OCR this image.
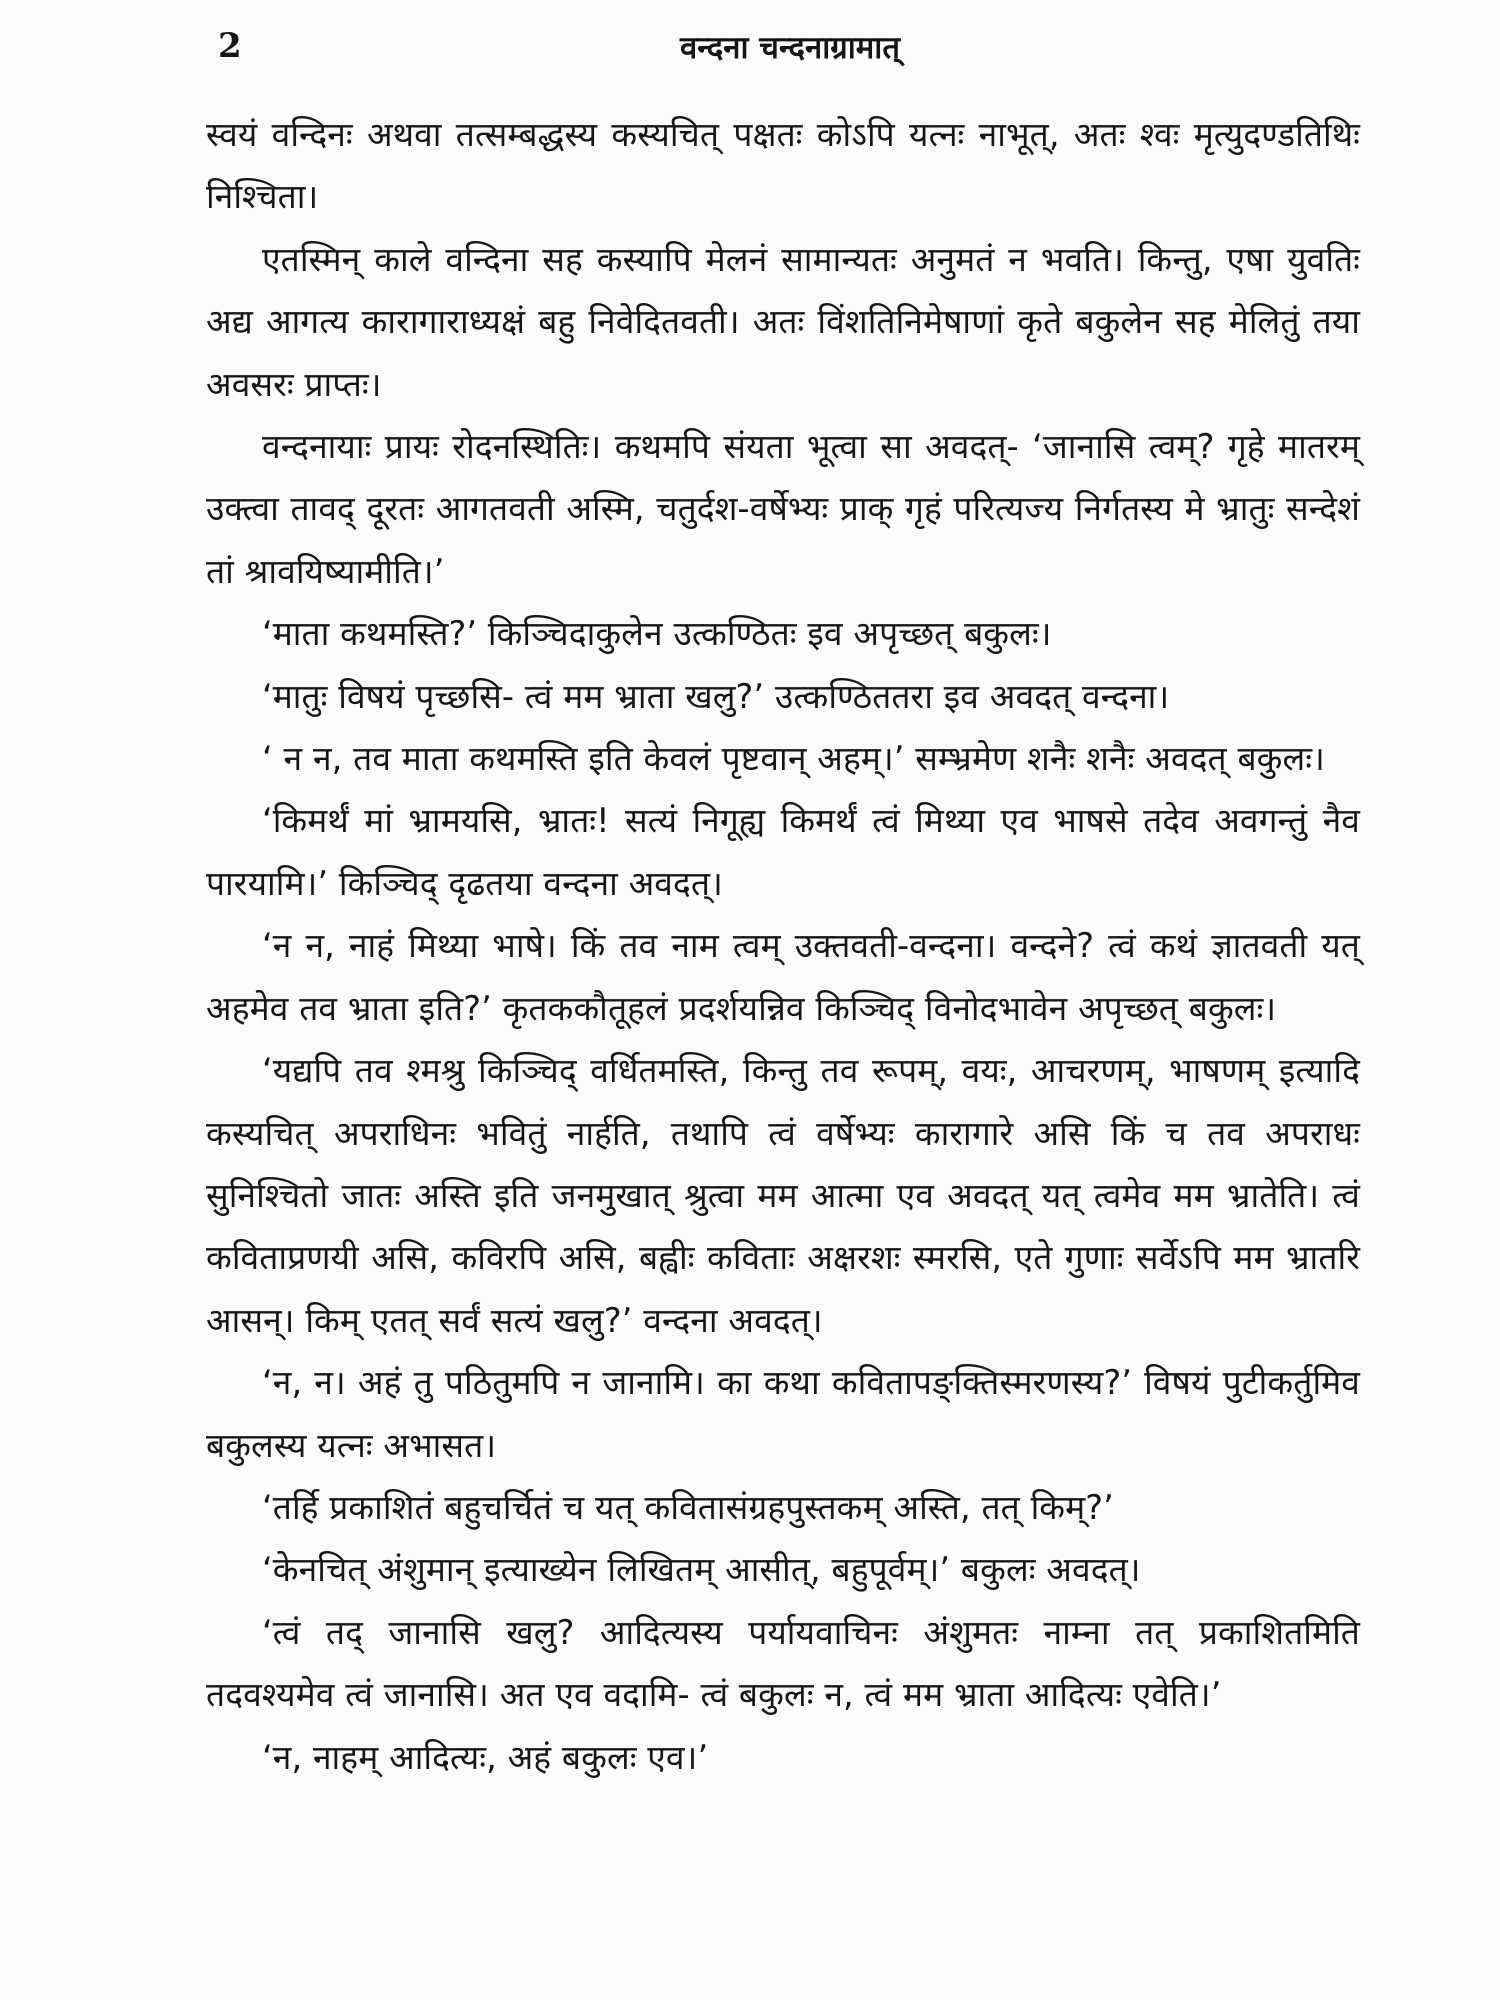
2	वन्दना चन्दनाग्रामात्

स्वयं वन्दिनः अथवा तत्सम्बद्धस्य कस्यचित् पक्षतः कोऽपि यत्नः नाभूत्, अतः श्वः मृत्युदण्डतिथिः निश्चिता।

एतस्मिन् काले वन्दिना सह कस्यापि मेलनं सामान्यतः अनुमतं न भवति। किन्तु, एषा युवतिः अद्य आगत्य कारागाराध्यक्षं बहु निवेदितवती। अतः विंशतिनिमेषाणां कृते बकुलेन सह मेलितुं तया अवसरः प्राप्तः।

वन्दनायाः प्रायः रोदनस्थितिः। कथमपि संयता भूत्वा सा अवदत्- ‘जानासि त्वम्? गृहे मातरम् उक्त्वा तावद् दूरतः आगतवती अस्मि, चतुर्दश-वर्षेभ्यः प्राक् गृहं परित्यज्य निर्गतस्य मे भ्रातुः सन्देशं तां श्रावयिष्यामीति।’

‘माता कथमस्ति?’ किञ्चिदाकुलेन उत्कण्ठितः इव अपृच्छत् बकुलः।

‘मातुः विषयं पृच्छसि- त्वं मम भ्राता खलु?’ उत्कण्ठिततरा इव अवदत् वन्दना।

‘ न न, तव माता कथमस्ति इति केवलं पृष्टवान् अहम्।’ सम्भ्रमेण शनैः शनैः अवदत् बकुलः।

‘किमर्थं मां भ्रामयसि, भ्रातः! सत्यं निगूह्य किमर्थं त्वं मिथ्या एव भाषसे तदेव अवगन्तुं नैव पारयामि।’ किञ्चिद् दृढतया वन्दना अवदत्।

‘न न, नाहं मिथ्या भाषे। किं तव नाम त्वम् उक्तवती-वन्दना। वन्दने? त्वं कथं ज्ञातवती यत् अहमेव तव भ्राता इति?’ कृतककौतूहलं प्रदर्शयन्निव किञ्चिद् विनोदभावेन अपृच्छत् बकुलः।

‘यद्यपि तव श्मश्रु किञ्चिद् वर्धितमस्ति, किन्तु तव रूपम्, वयः, आचरणम्, भाषणम् इत्यादि कस्यचित् अपराधिनः भवितुं नार्हति, तथापि त्वं वर्षेभ्यः कारागारे असि किं च तव अपराधः सुनिश्चितो जातः अस्ति इति जनमुखात् श्रुत्वा मम आत्मा एव अवदत् यत् त्वमेव मम भ्रातेति। त्वं कविताप्रणयी असि, कविरपि असि, बह्वीः कविताः अक्षरशः स्मरसि, एते गुणाः सर्वेऽपि मम भ्रातरि आसन्। किम् एतत् सर्वं सत्यं खलु?’ वन्दना अवदत्।

‘न, न। अहं तु पठितुमपि न जानामि। का कथा कवितापङ्क्तिस्मरणस्य?’ विषयं पुटीकर्तुमिव बकुलस्य यत्नः अभासत।

‘तर्हि प्रकाशितं बहुचर्चितं च यत् कवितासंग्रहपुस्तकम् अस्ति, तत् किम्?’

‘केनचित् अंशुमान् इत्याख्येन लिखितम् आसीत्, बहुपूर्वम्।’ बकुलः अवदत्।

‘त्वं तद् जानासि खलु? आदित्यस्य पर्यायवाचिनः अंशुमतः नाम्ना तत् प्रकाशितमिति तदवश्यमेव त्वं जानासि। अत एव वदामि- त्वं बकुलः न, त्वं मम भ्राता आदित्यः एवेति।’

‘न, नाहम् आदित्यः, अहं बकुलः एव।’
